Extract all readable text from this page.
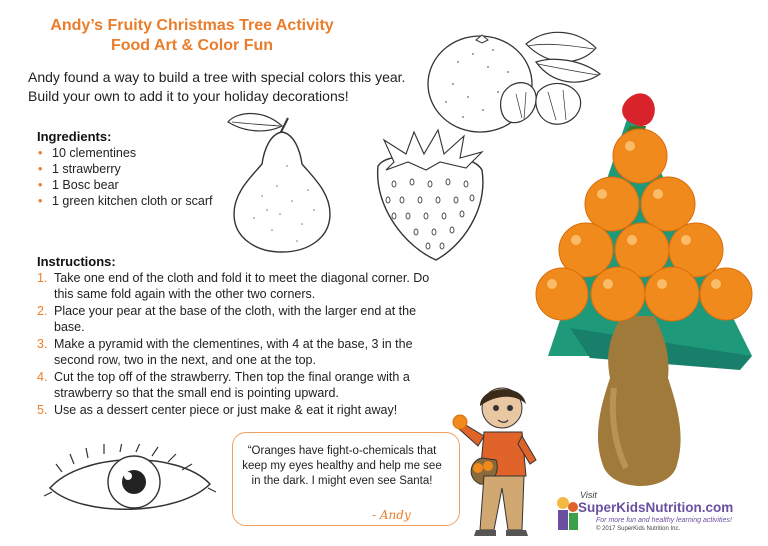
Andy’s Fruity Christmas Tree Activity
Food Art & Color Fun
Andy found a way to build a tree with special colors this year. Build your own to add it to your holiday decorations!
Ingredients:
• 10 clementines
• 1 strawberry
• 1 Bosc bear
• 1 green kitchen cloth or scarf
Instructions:
1. Take one end of the cloth and fold it to meet the diagonal corner. Do this same fold again with the other two corners.
2. Place your pear at the base of the cloth, with the larger end at the base.
3. Make a pyramid with the clementines, with 4 at the base, 3 in the second row, two in the next, and one at the top.
4. Cut the top off of the strawberry. Then top the final orange with a strawberry so that the small end is pointing upward.
5. Use as a dessert center piece or just make & eat it right away!
“Oranges have fight-o-chemicals that keep my eyes healthy and help me see in the dark. I might even see Santa!
- Andy
Visit
SuperKidsNutrition.com
For more fun and healthy learning activities!
© 2017 SuperKids Nutrition Inc.
